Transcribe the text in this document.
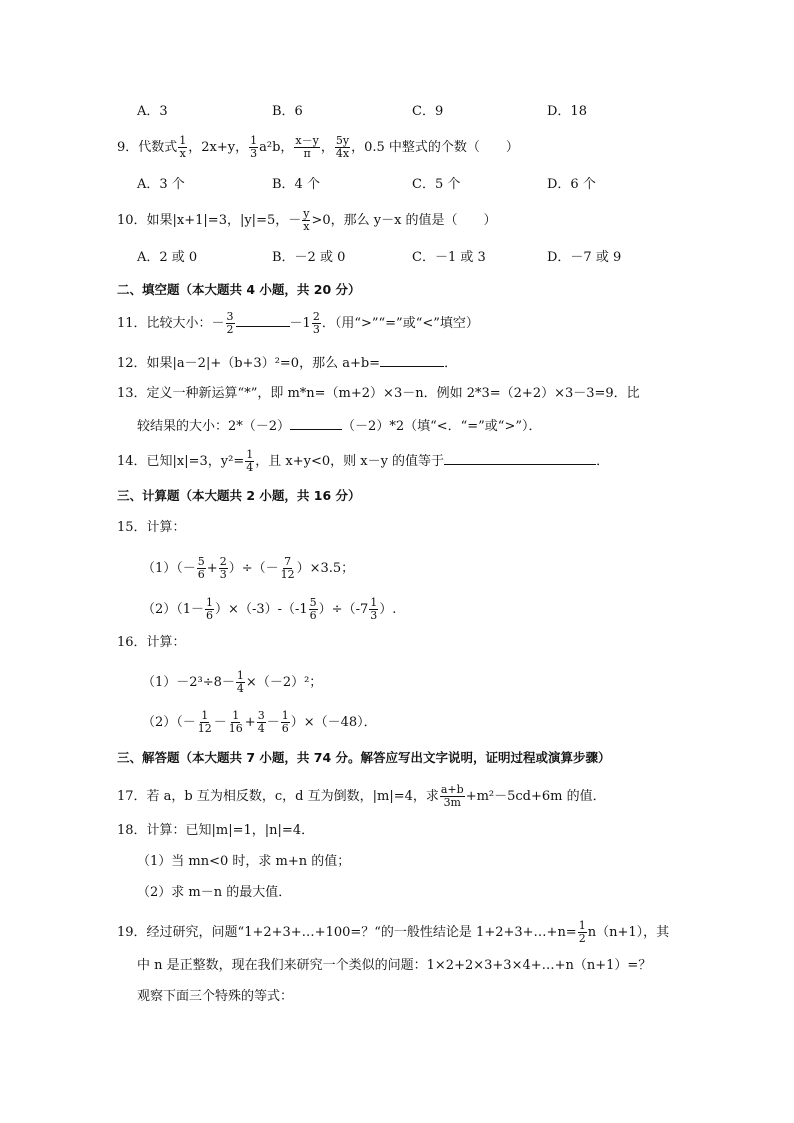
A．3	B．6	C．9	D．18
9．代数式 $\frac{1}{x}$ ，2x+y， $\frac{1}{3} a^2b$， $\frac{x-y}{\pi}$ ， $\frac{5y}{4x}$ ，0.5 中整式的个数（　　）
A．3 个	B．4 个	C．5 个	D．6 个
10．如果|x+1|=3，|y|=5，－ $\frac{y}{x} >0$，那么 y－x 的值是（　　）
A．2 或 0	B．－2 或 0	C．－1 或 3	D．－7 或 9
二、填空题（本大题共 4 小题，共 20 分）
11．比较大小：－ $\frac{3}{2}$	$-1 \frac{2}{3}$ ．（用“>”“=”或“<”填空）
12．如果|a－2|+（b+3）²=0，那么 a+b=	．
13．定义一种新运算“*”，即 m*n=（m+2）×3－n．例如 2*3=（2+2）×3－3=9．比
较结果的大小：2*（－2）	（－2）*2（填“<．“=”或“>”）．
14．已知|x|=3，$y^2= \frac{1}{4}$ ，且 x+y<0，则 x－y 的值等于	．
三、计算题（本大题共 2 小题，共 16 分）
15．计算：
$(1)(- \frac{5}{6} + \frac{2}{3}$ ）÷（－ $\frac{7}{12} )\times 3.5$；
$(2)(1- \frac{1}{6} )\times(-3)-(-1 \frac{5}{6} )\div(-7 \frac{1}{3}$ ）.
16．计算：
$(1)-2^3\div 8- \frac{1}{4} \times(-2)^2$；
$(2)(- \frac{1}{12} - \frac{1}{16} + \frac{3}{4} - \frac{1}{6} )\times(-48)$．
三、解答题（本大题共 7 小题，共 74 分。解答应写出文字说明，证明过程或演算步骤）
17．若 a，b 互为相反数，c，d 互为倒数，|m|=4，求 $\frac{a+b}{3m} +m^2-5cd+6m$ 的值．
18．计算：已知|m|=1，|n|=4．
（1）当 mn<0 时，求 m+n 的值；
（2）求 m－n 的最大值．
19．经过研究，问题“1+2+3+…+100=？“的一般性结论是 1+2+3+…+n= $\frac{1}{2} n(n+1)$，其
中 n 是正整数，现在我们来研究一个类似的问题：1×2+2×3+3×4+…+n（n+1）=？
观察下面三个特殊的等式：
